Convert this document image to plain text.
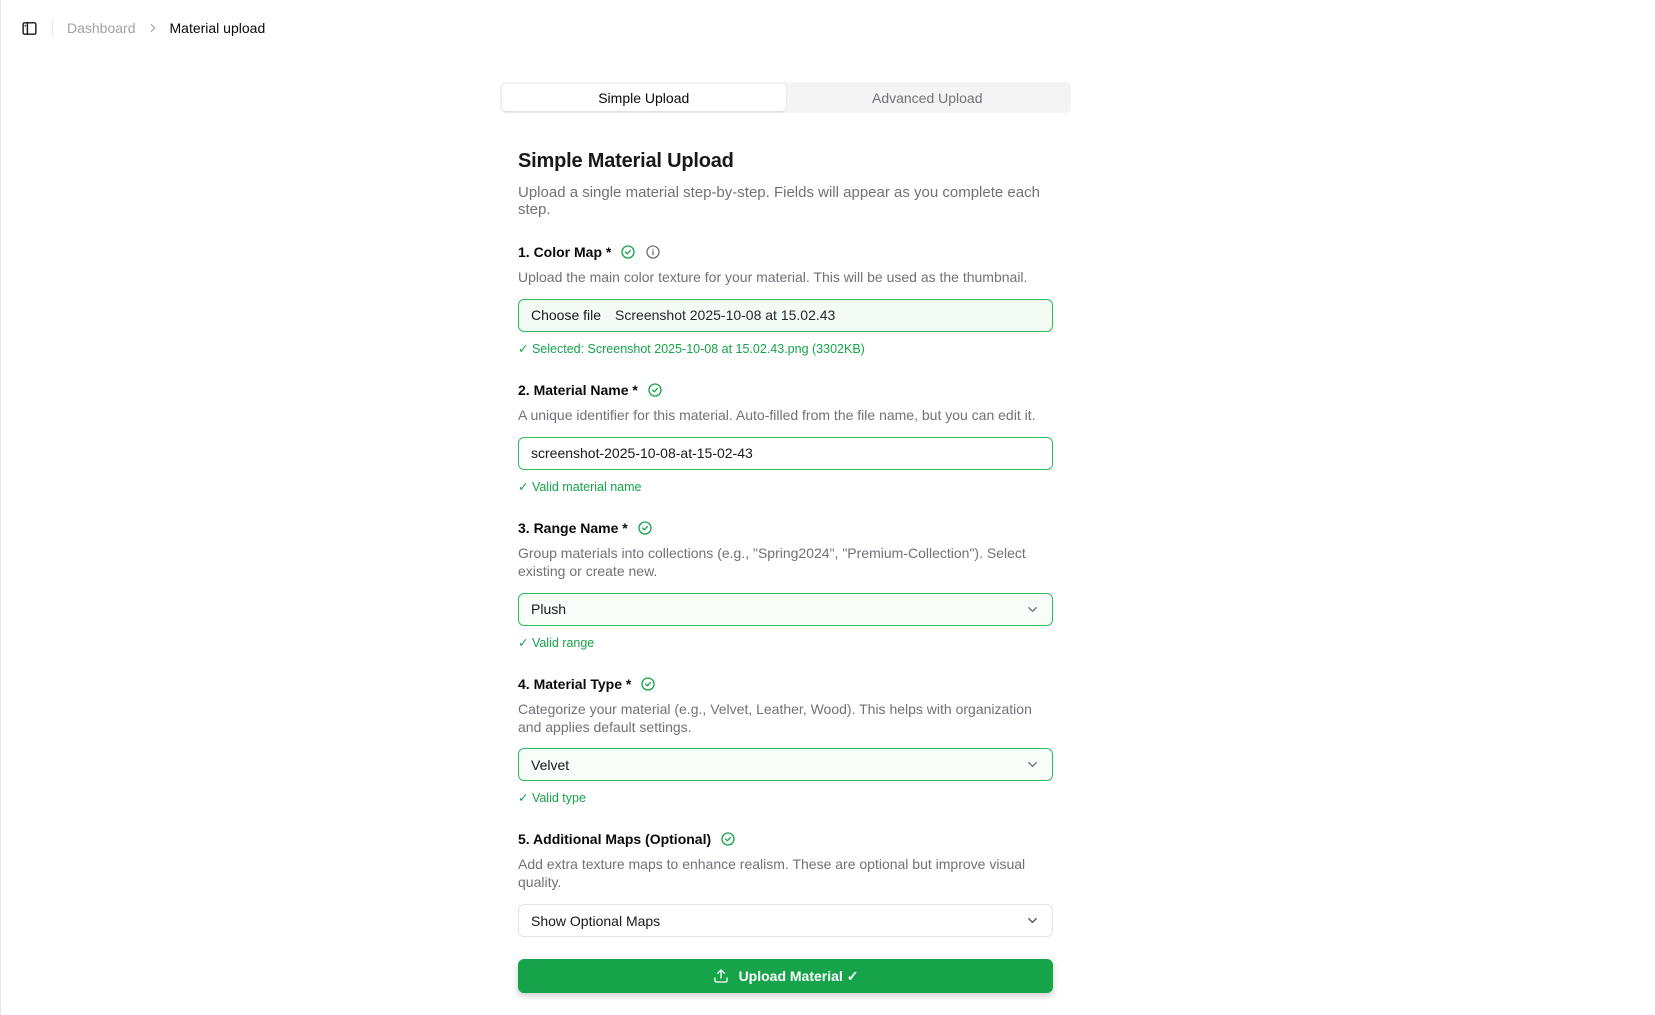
Dashboard Material upload
Simple Upload	Advanced Upload
Simple Material Upload

Upload a single material step-by-step. Fields will appear as you complete each step.

1. Color Map *

Upload the main color texture for your material. This will be used as the thumbnail.

Choose file Screenshot 2025-10-08 at 15.02.43
✓ Selected: Screenshot 2025-10-08 at 15.02.43.png (3302KB)
2. Material Name *

A unique identifier for this material. Auto-filled from the file name, but you can edit it.

screenshot-2025-10-08-at-15-02-43
✓ Valid material name
3. Range Name *

Group materials into collections (e.g., "Spring2024", "Premium-Collection"). Select existing or create new.

Plush
✓ Valid range
4. Material Type *

Categorize your material (e.g., Velvet, Leather, Wood). This helps with organization and applies default settings.

Velvet
✓ Valid type
5. Additional Maps (Optional)

Add extra texture maps to enhance realism. These are optional but improve visual quality.

Show Optional Maps
Upload Material ✓
